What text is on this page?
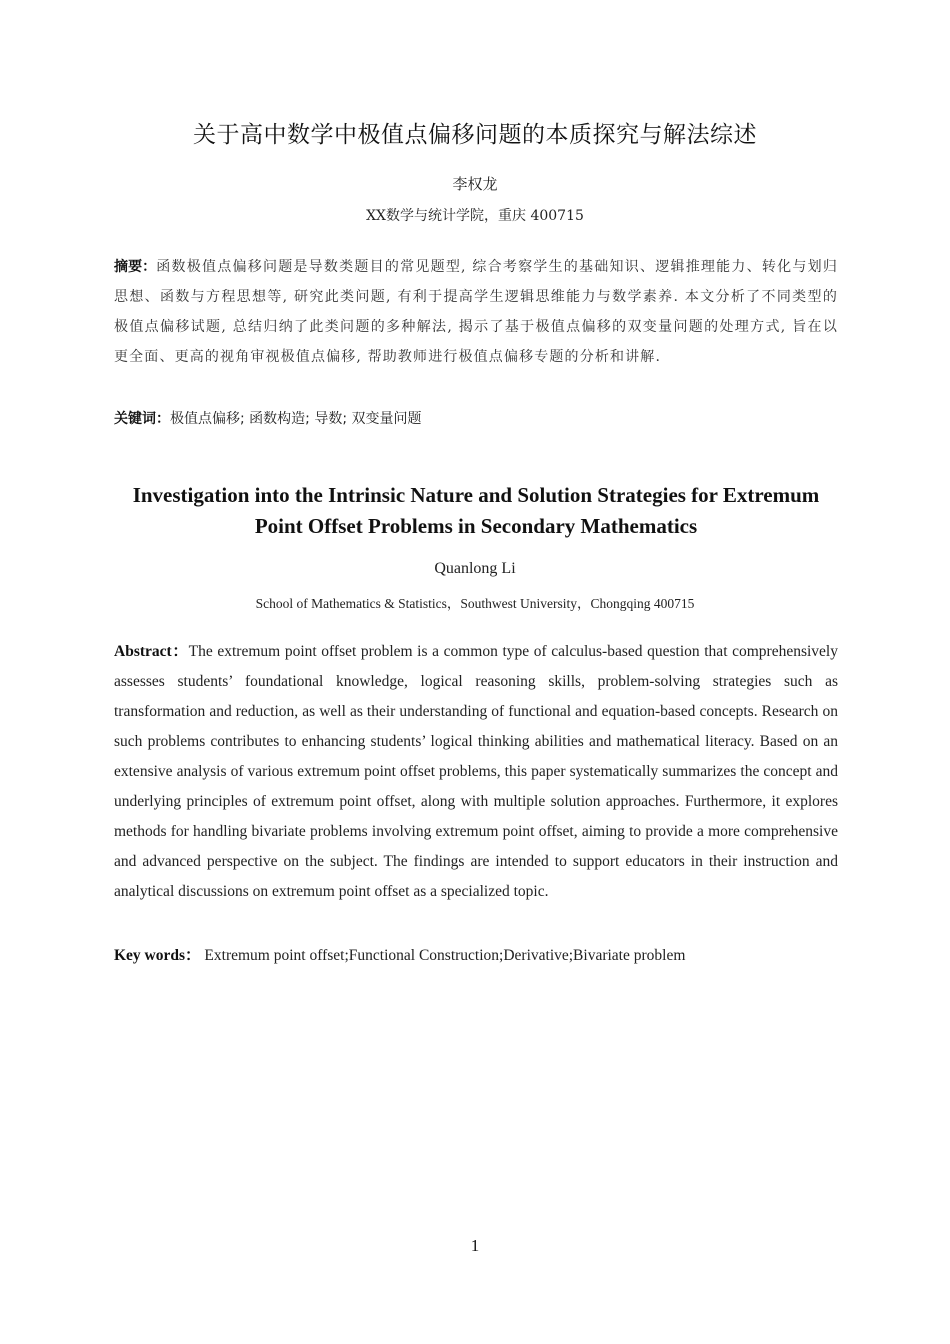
关于高中数学中极值点偏移问题的本质探究与解法综述
李权龙
XX数学与统计学院，重庆 400715
摘要：函数极值点偏移问题是导数类题目的常见题型, 综合考察学生的基础知识、逻辑推理能力、转化与划归思想、函数与方程思想等, 研究此类问题, 有利于提高学生逻辑思维能力与数学素养. 本文分析了不同类型的极值点偏移试题, 总结归纳了此类问题的多种解法, 揭示了基于极值点偏移的双变量问题的处理方式, 旨在以更全面、更高的视角审视极值点偏移, 帮助教师进行极值点偏移专题的分析和讲解.
关键词：极值点偏移; 函数构造; 导数; 双变量问题
Investigation into the Intrinsic Nature and Solution Strategies for Extremum Point Offset Problems in Secondary Mathematics
Quanlong Li
School of Mathematics & Statistics，Southwest University，Chongqing 400715
Abstract：The extremum point offset problem is a common type of calculus-based question that comprehensively assesses students’ foundational knowledge, logical reasoning skills, problem-solving strategies such as transformation and reduction, as well as their understanding of functional and equation-based concepts. Research on such problems contributes to enhancing students’ logical thinking abilities and mathematical literacy. Based on an extensive analysis of various extremum point offset problems, this paper systematically summarizes the concept and underlying principles of extremum point offset, along with multiple solution approaches. Furthermore, it explores methods for handling bivariate problems involving extremum point offset, aiming to provide a more comprehensive and advanced perspective on the subject. The findings are intended to support educators in their instruction and analytical discussions on extremum point offset as a specialized topic.
Key words： Extremum point offset;Functional Construction;Derivative;Bivariate problem
1
